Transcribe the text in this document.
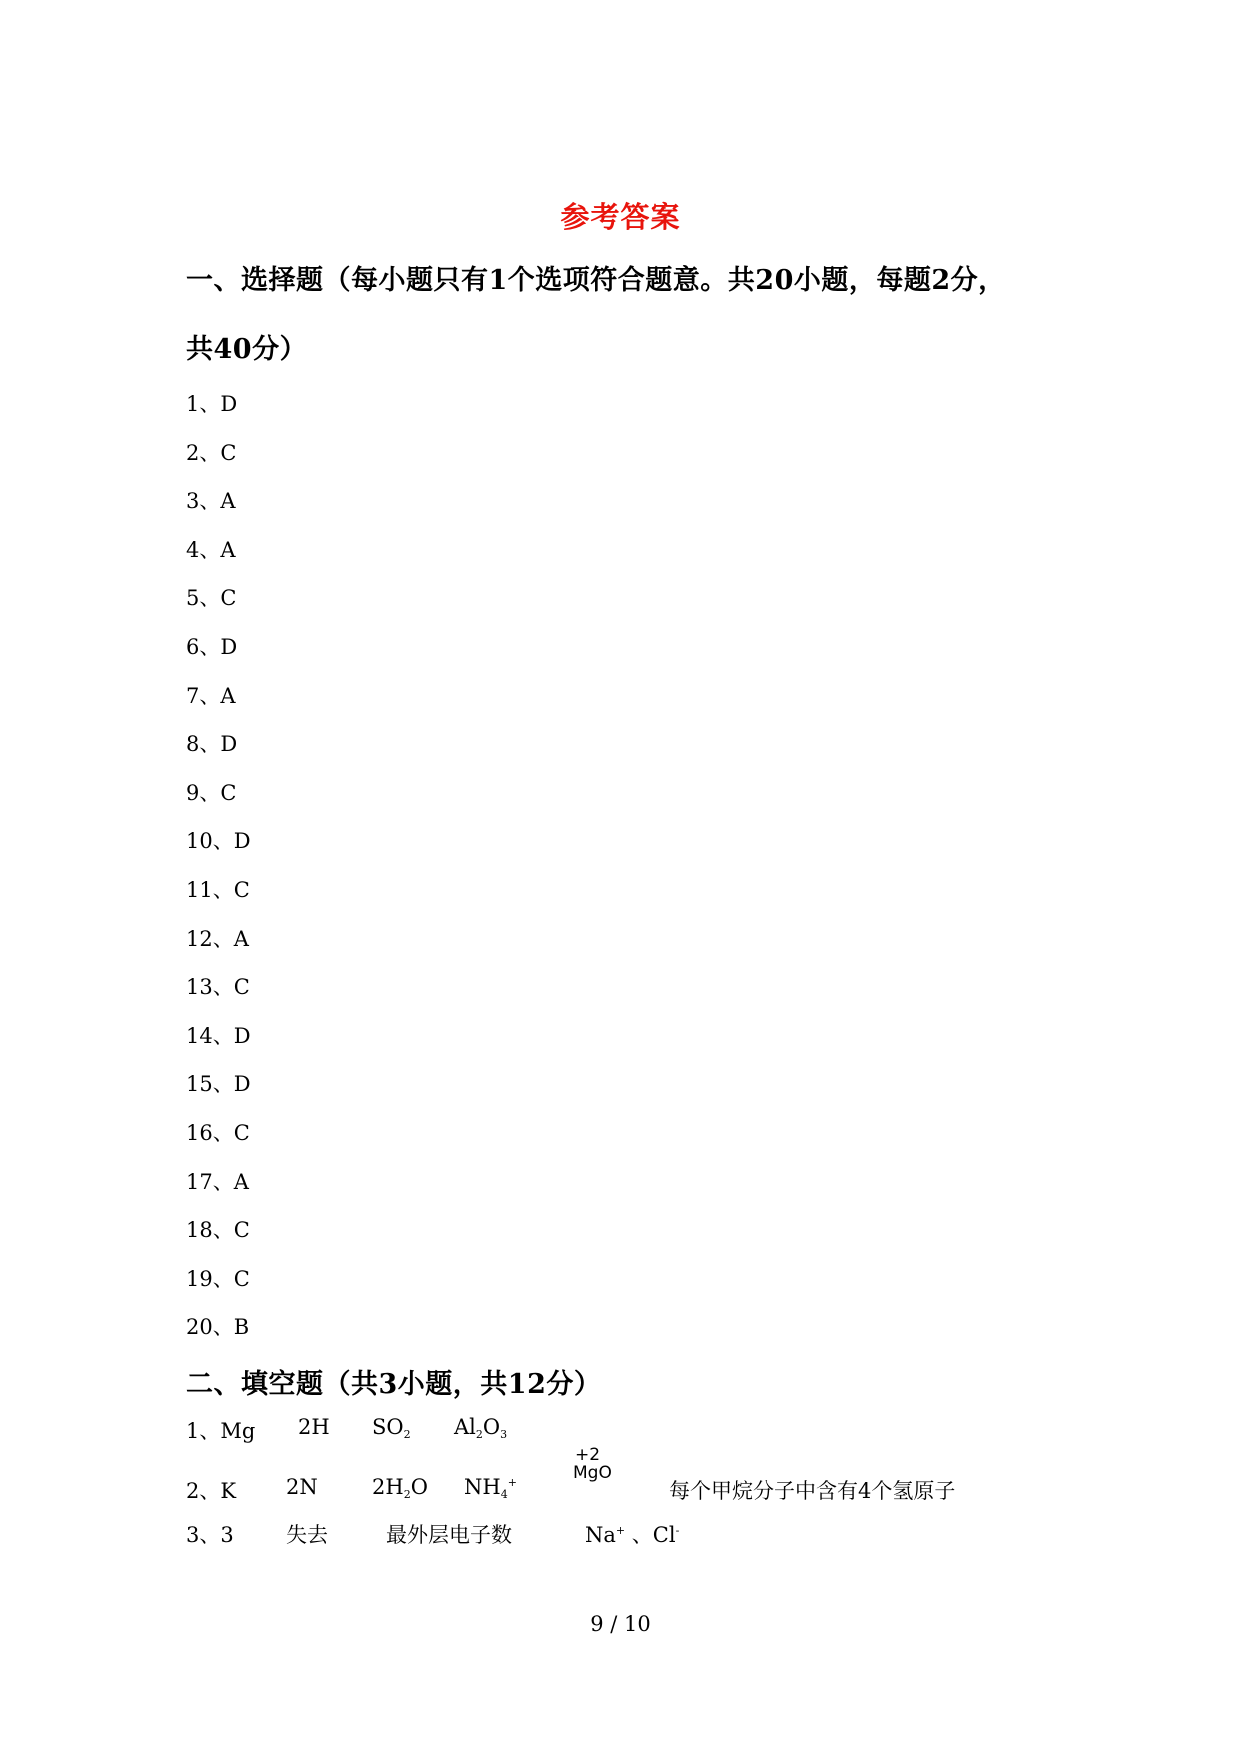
参考答案
一、选择题（每小题只有1个选项符合题意。共20小题，每题2分，
共40分）
1、D
2、C
3、A
4、A
5、C
6、D
7、A
8、D
9、C
10、D
11、C
12、A
13、C
14、D
15、D
16、C
17、A
18、C
19、C
20、B
二、填空题（共3小题，共12分）
1、Mg 2H $SO_2$ $Al_2O_3$
2、K 2N	$2H_2O$ $NH_4^+$	每个甲烷分子中含有4个氢原子
+2
MgO
3、3 失去	最外层电子数	Na+ 、Cl-
9 / 10
